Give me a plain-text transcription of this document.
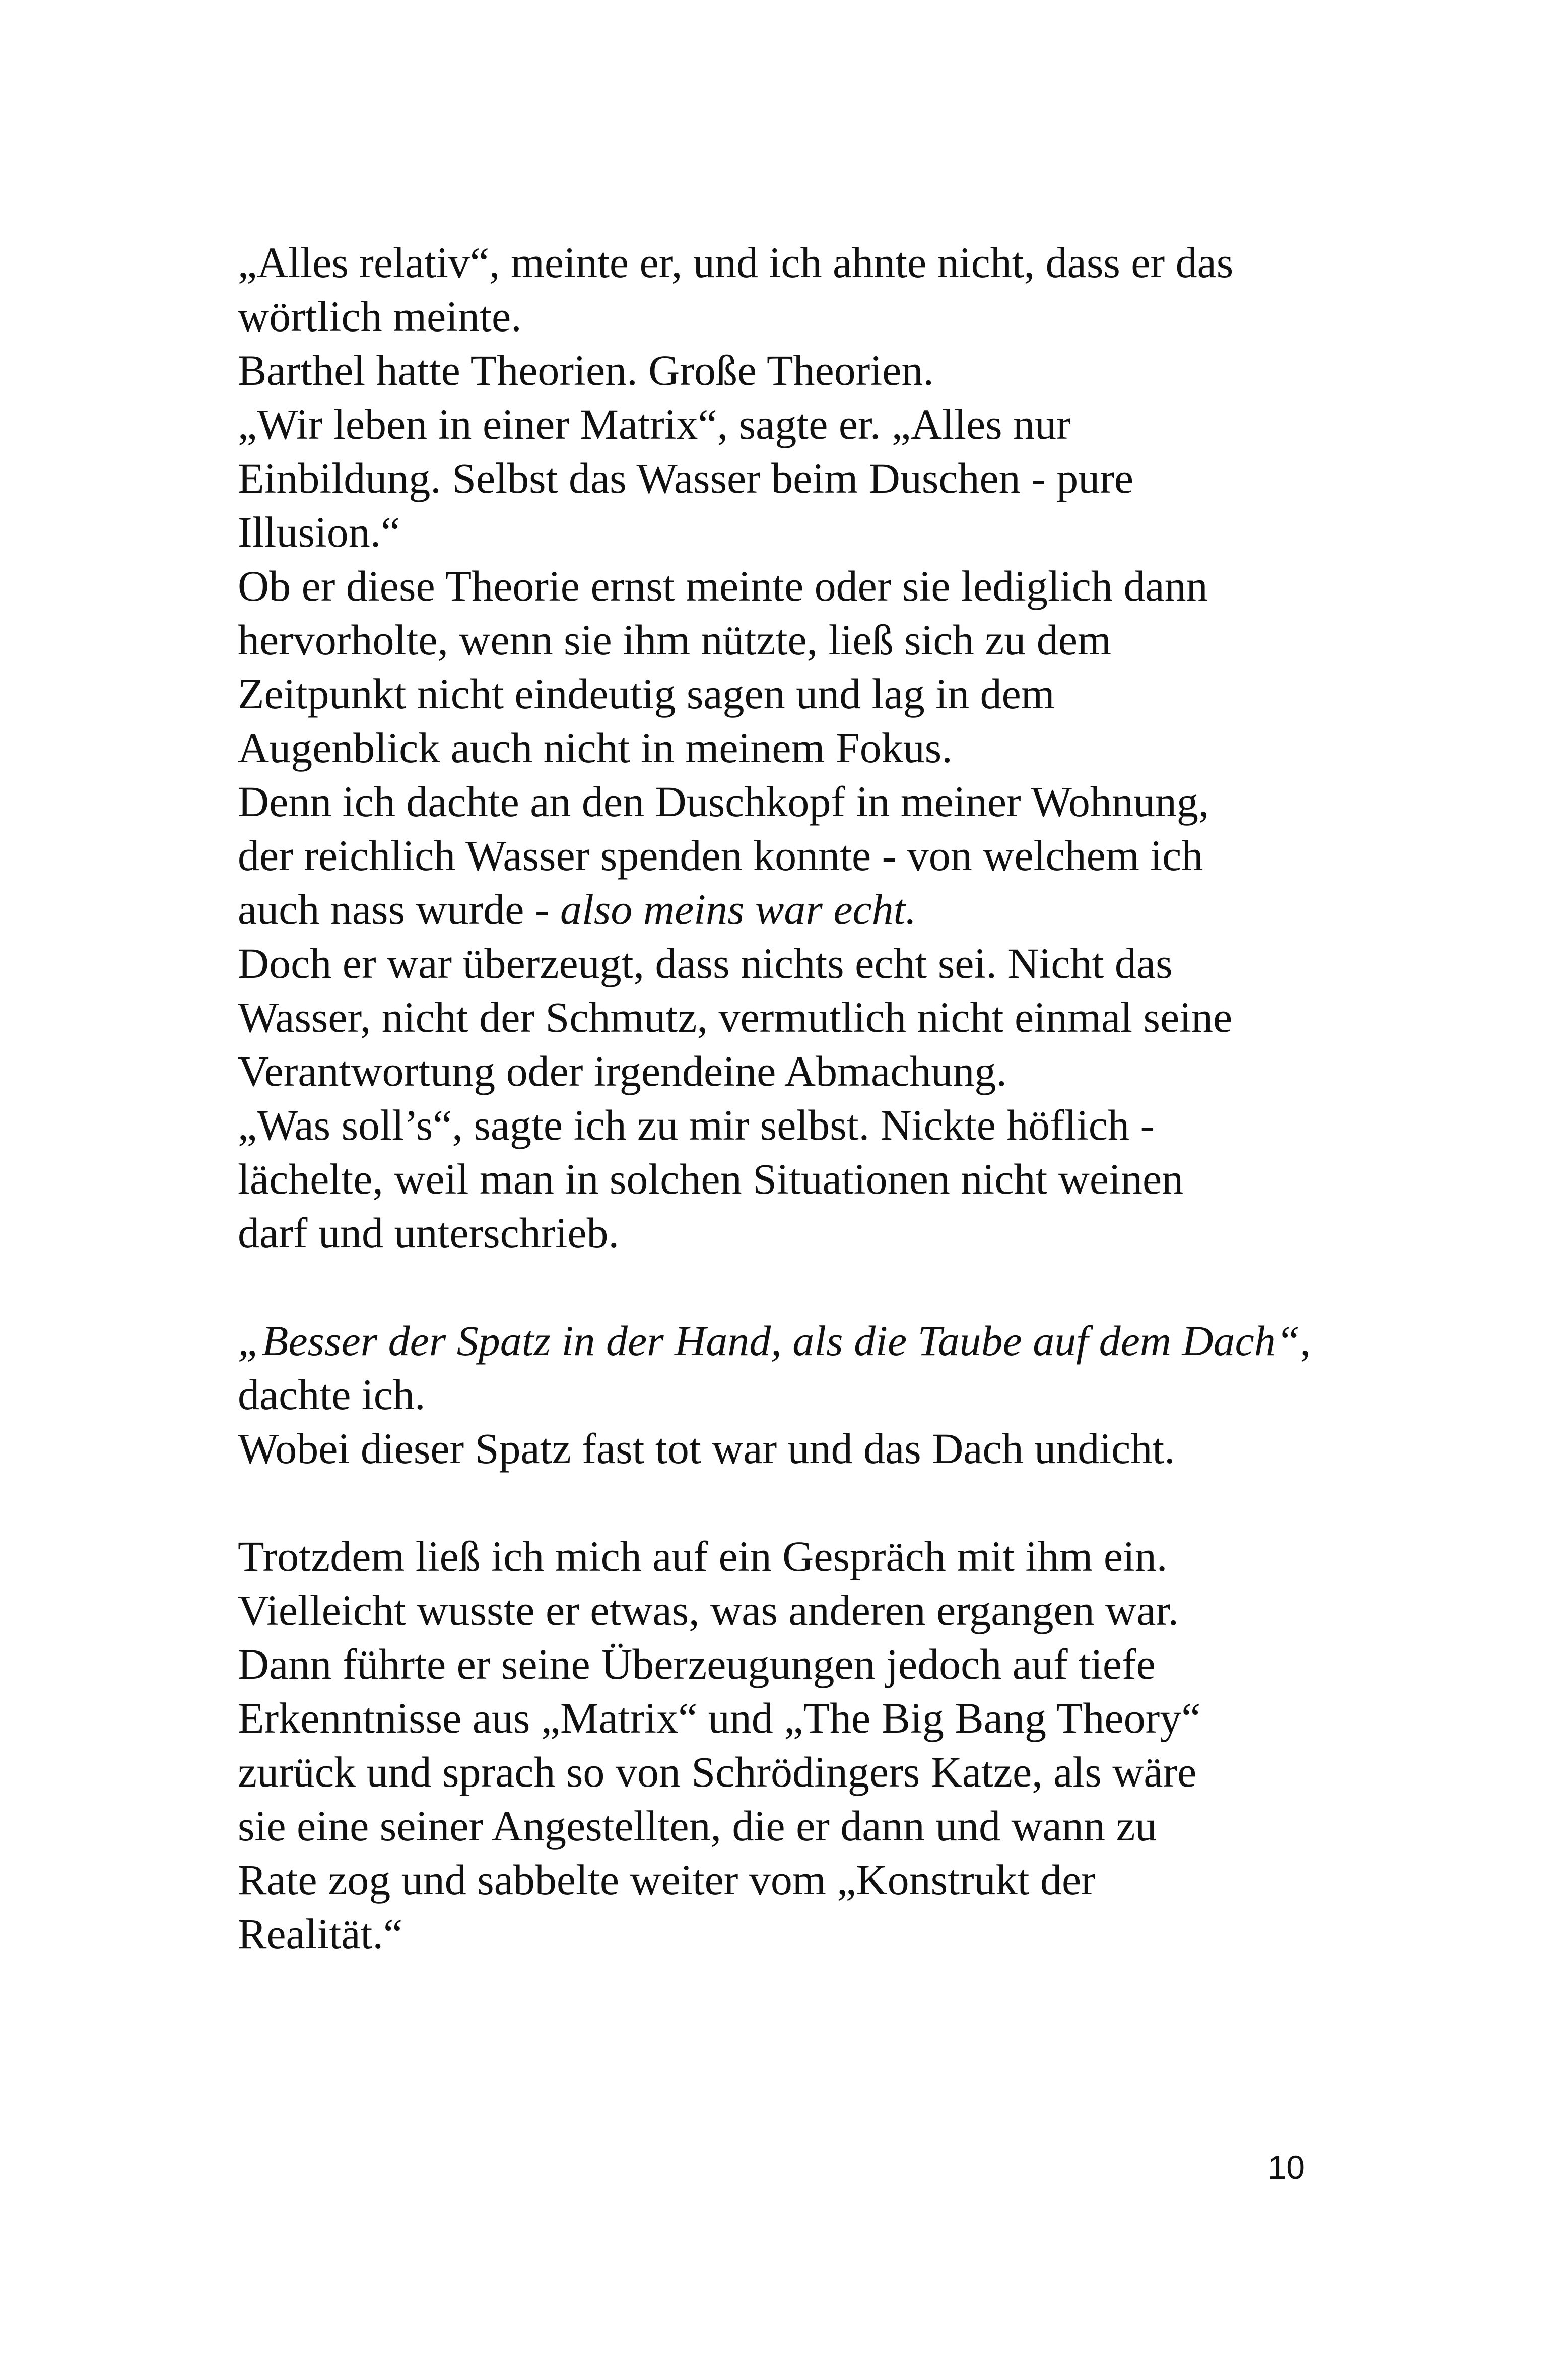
„Alles relativ“, meinte er, und ich ahnte nicht, dass er das
wörtlich meinte.
Barthel hatte Theorien. Große Theorien.
„Wir leben in einer Matrix“, sagte er. „Alles nur
Einbildung. Selbst das Wasser beim Duschen - pure
Illusion.“
Ob er diese Theorie ernst meinte oder sie lediglich dann
hervorholte, wenn sie ihm nützte, ließ sich zu dem
Zeitpunkt nicht eindeutig sagen und lag in dem
Augenblick auch nicht in meinem Fokus.
Denn ich dachte an den Duschkopf in meiner Wohnung,
der reichlich Wasser spenden konnte - von welchem ich
auch nass wurde - also meins war echt.
Doch er war überzeugt, dass nichts echt sei. Nicht das
Wasser, nicht der Schmutz, vermutlich nicht einmal seine
Verantwortung oder irgendeine Abmachung.
„Was soll’s“, sagte ich zu mir selbst. Nickte höflich -
lächelte, weil man in solchen Situationen nicht weinen
darf und unterschrieb.
„Besser der Spatz in der Hand, als die Taube auf dem Dach“,
dachte ich.
Wobei dieser Spatz fast tot war und das Dach undicht.
Trotzdem ließ ich mich auf ein Gespräch mit ihm ein.
Vielleicht wusste er etwas, was anderen ergangen war.
Dann führte er seine Überzeugungen jedoch auf tiefe
Erkenntnisse aus „Matrix“ und „The Big Bang Theory“
zurück und sprach so von Schrödingers Katze, als wäre
sie eine seiner Angestellten, die er dann und wann zu
Rate zog und sabbelte weiter vom „Konstrukt der
Realität.“
10
